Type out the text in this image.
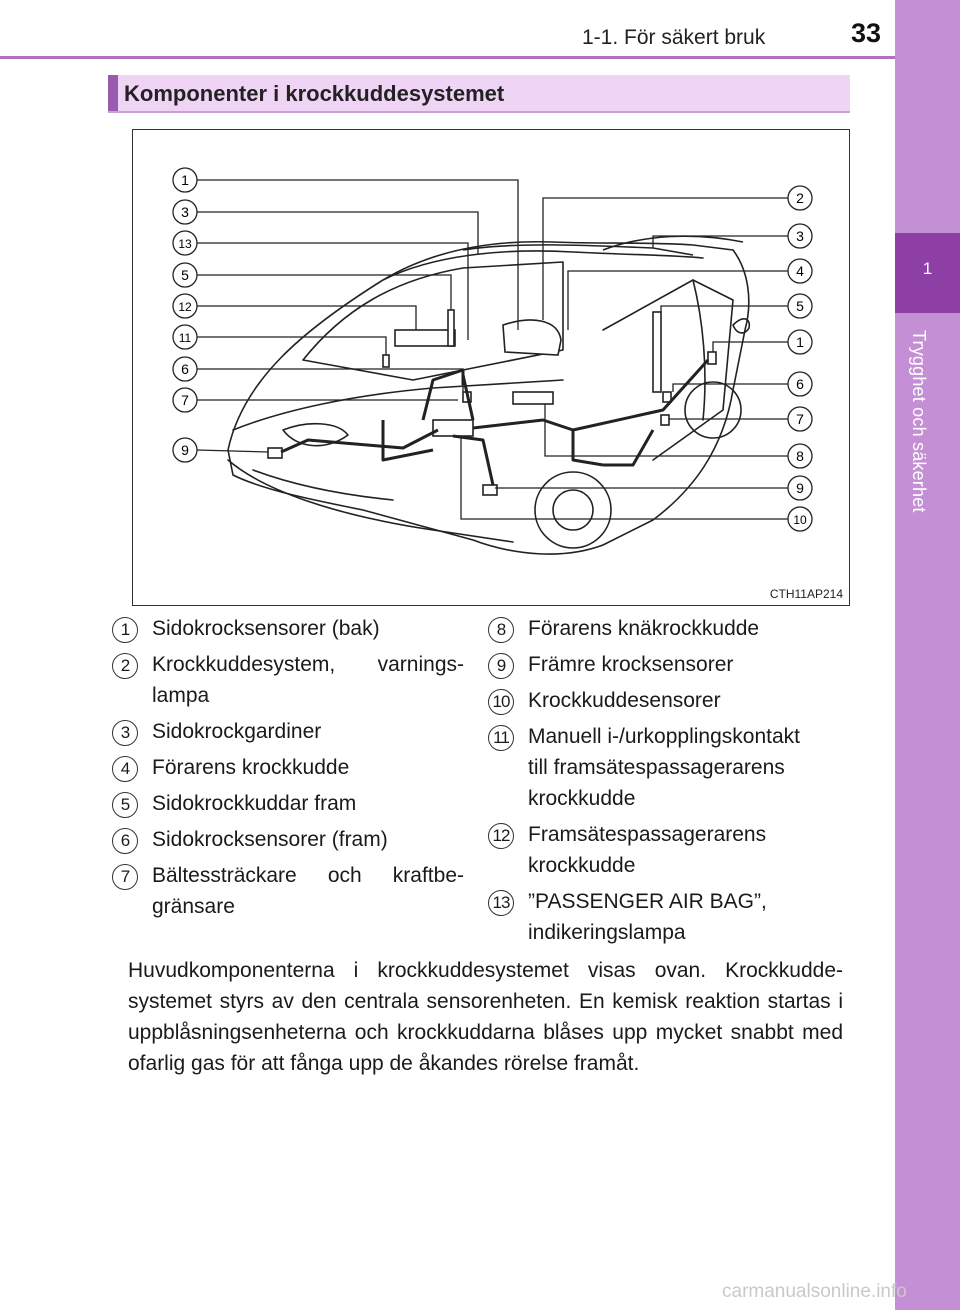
1-1. För säkert bruk	33
1
Trygghet och säkerhet
Komponenter i krockkuddesystemet
1
3
13
5
12
11
6
7
9
2
3
4
5
1
6
7
8
9
10
CTH11AP214
1	Sidokrocksensorer (bak)
2	Krockkuddesystem, varnings-
lampa
3	Sidokrockgardiner
4	Förarens krockkudde
5	Sidokrockkuddar fram
6	Sidokrocksensorer (fram)
7	Bältessträckare och kraftbe-
gränsare
8	Förarens knäkrockkudde
9	Främre krocksensorer
10 Krockkuddesensorer
11 Manuell i-/urkopplingskontakt
till framsätespassagerarens
krockkudde
12 Framsätespassagerarens
krockkudde
13 ”PASSENGER AIR BAG”,
indikeringslampa

Huvudkomponenterna i krockkuddesystemet visas ovan. Krockkudde-systemet styrs av den centrala sensorenheten. En kemisk reaktion startas i uppblåsningsenheterna och krockkuddarna blåses upp mycket snabbt med ofarlig gas för att fånga upp de åkandes rörelse framåt.

carmanualsonline.info
